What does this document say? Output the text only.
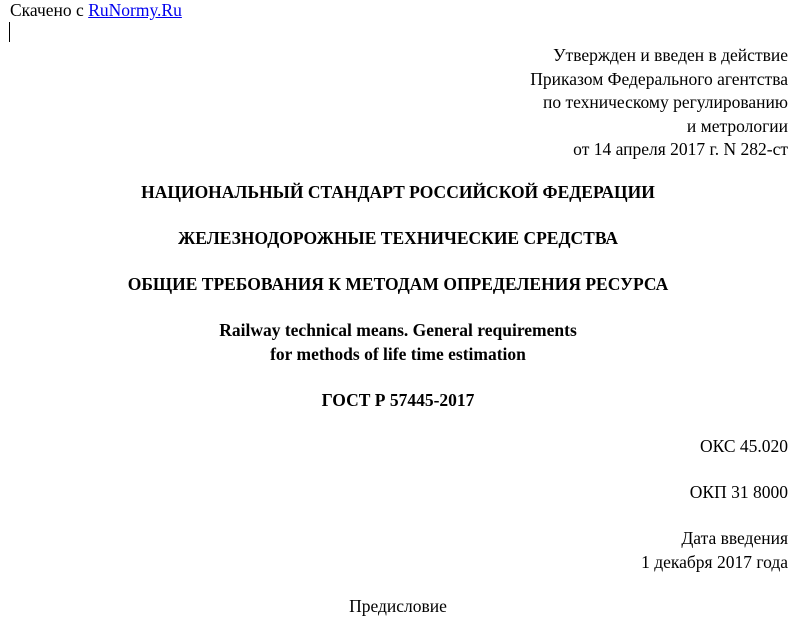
Скачено с RuNormy.Ru
Утвержден и введен в действие
Приказом Федерального агентства
по техническому регулированию
и метрологии
от 14 апреля 2017 г. N 282-ст
НАЦИОНАЛЬНЫЙ СТАНДАРТ РОССИЙСКОЙ ФЕДЕРАЦИИ
ЖЕЛЕЗНОДОРОЖНЫЕ ТЕХНИЧЕСКИЕ СРЕДСТВА
ОБЩИЕ ТРЕБОВАНИЯ К МЕТОДАМ ОПРЕДЕЛЕНИЯ РЕСУРСА
Railway technical means. General requirements
for methods of life time estimation
ГОСТ Р 57445-2017
ОКС 45.020
ОКП 31 8000
Дата введения
1 декабря 2017 года
Предисловие
